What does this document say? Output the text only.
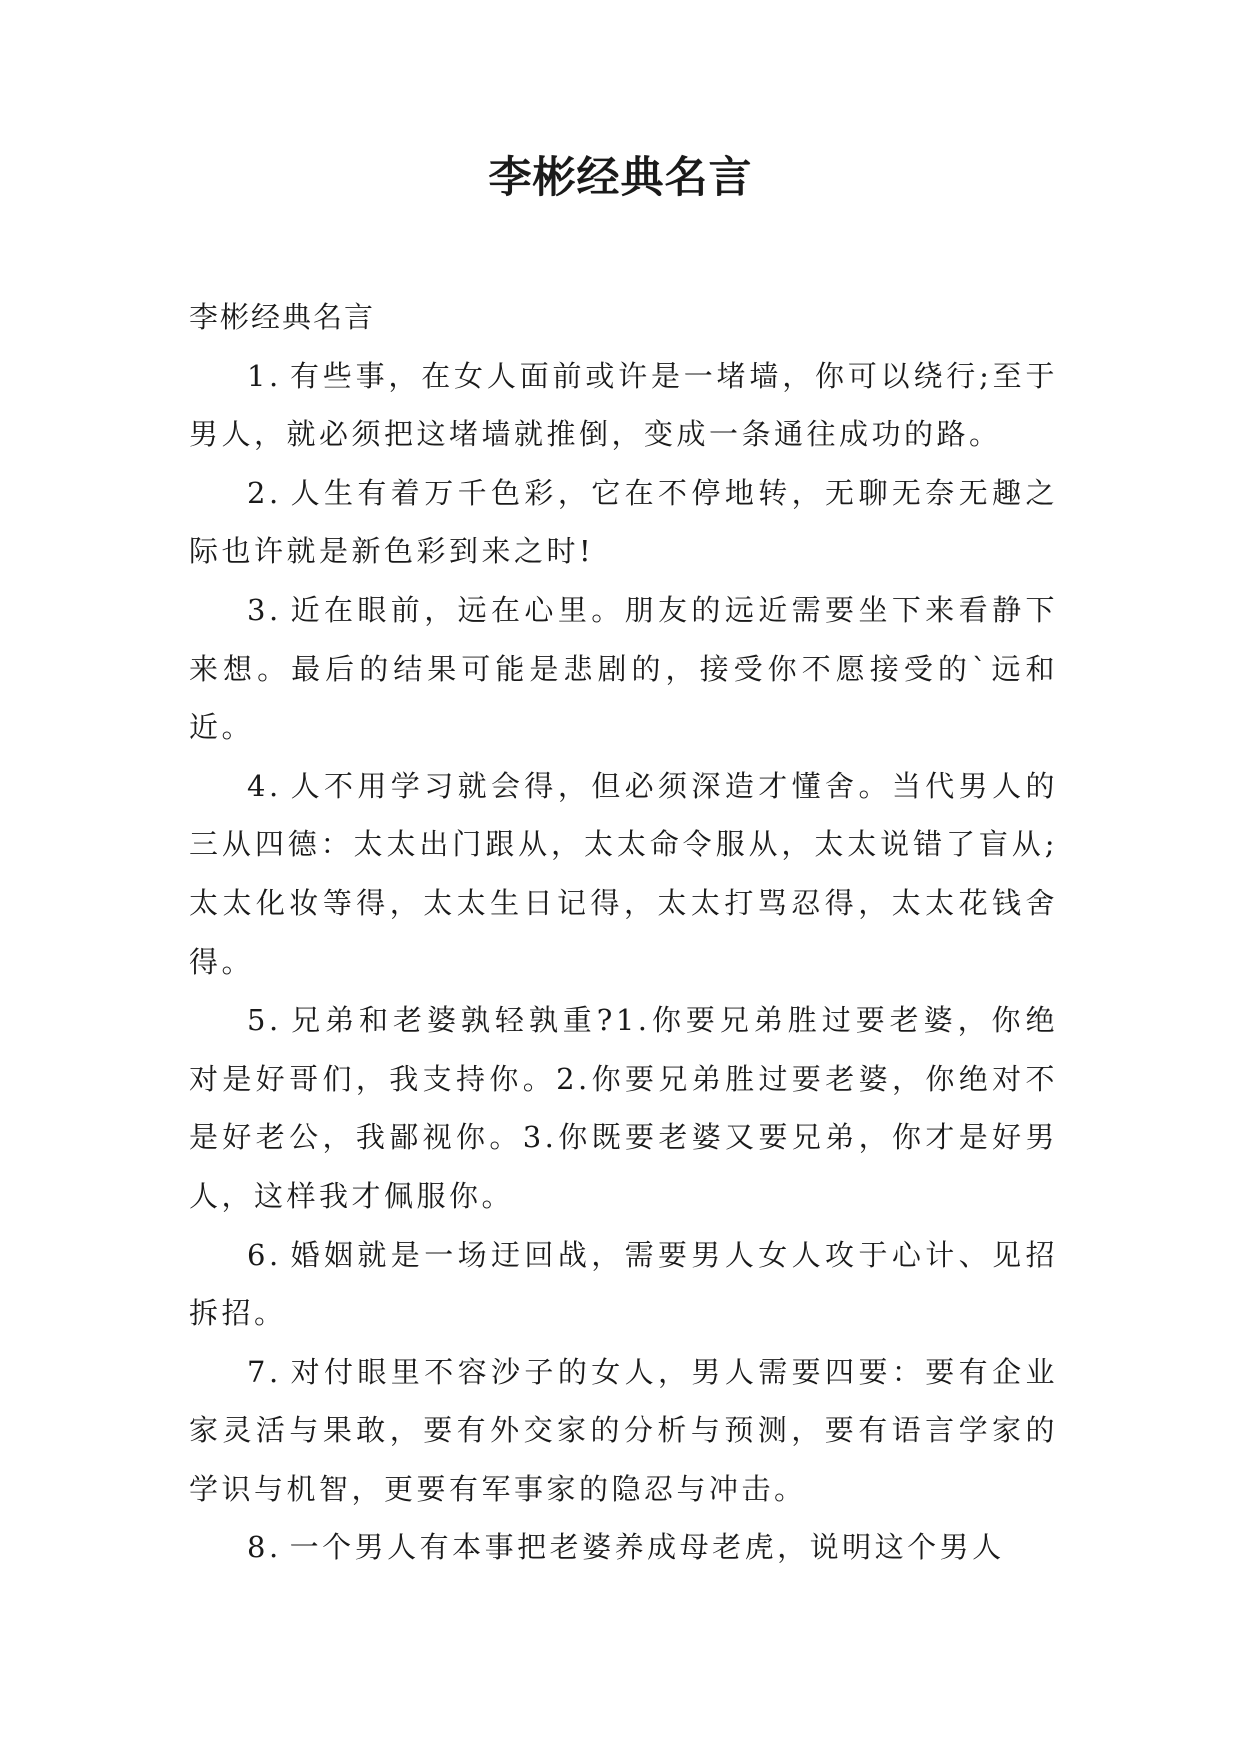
李彬经典名言

李彬经典名言

1. 有些事，在女人面前或许是一堵墙，你可以绕行;至于男人，就必须把这堵墙就推倒，变成一条通往成功的路。

2. 人生有着万千色彩，它在不停地转，无聊无奈无趣之际也许就是新色彩到来之时!

3. 近在眼前，远在心里。朋友的远近需要坐下来看静下来想。最后的结果可能是悲剧的，接受你不愿接受的`远和近。

4. 人不用学习就会得，但必须深造才懂舍。当代男人的三从四德：太太出门跟从，太太命令服从，太太说错了盲从;太太化妆等得，太太生日记得，太太打骂忍得，太太花钱舍得。

5. 兄弟和老婆孰轻孰重?1.你要兄弟胜过要老婆，你绝对是好哥们，我支持你。2.你要兄弟胜过要老婆，你绝对不是好老公，我鄙视你。3.你既要老婆又要兄弟，你才是好男人，这样我才佩服你。

6. 婚姻就是一场迂回战，需要男人女人攻于心计、见招拆招。

7. 对付眼里不容沙子的女人，男人需要四要：要有企业家灵活与果敢，要有外交家的分析与预测，要有语言学家的学识与机智，更要有军事家的隐忍与冲击。

8. 一个男人有本事把老婆养成母老虎，说明这个男人
